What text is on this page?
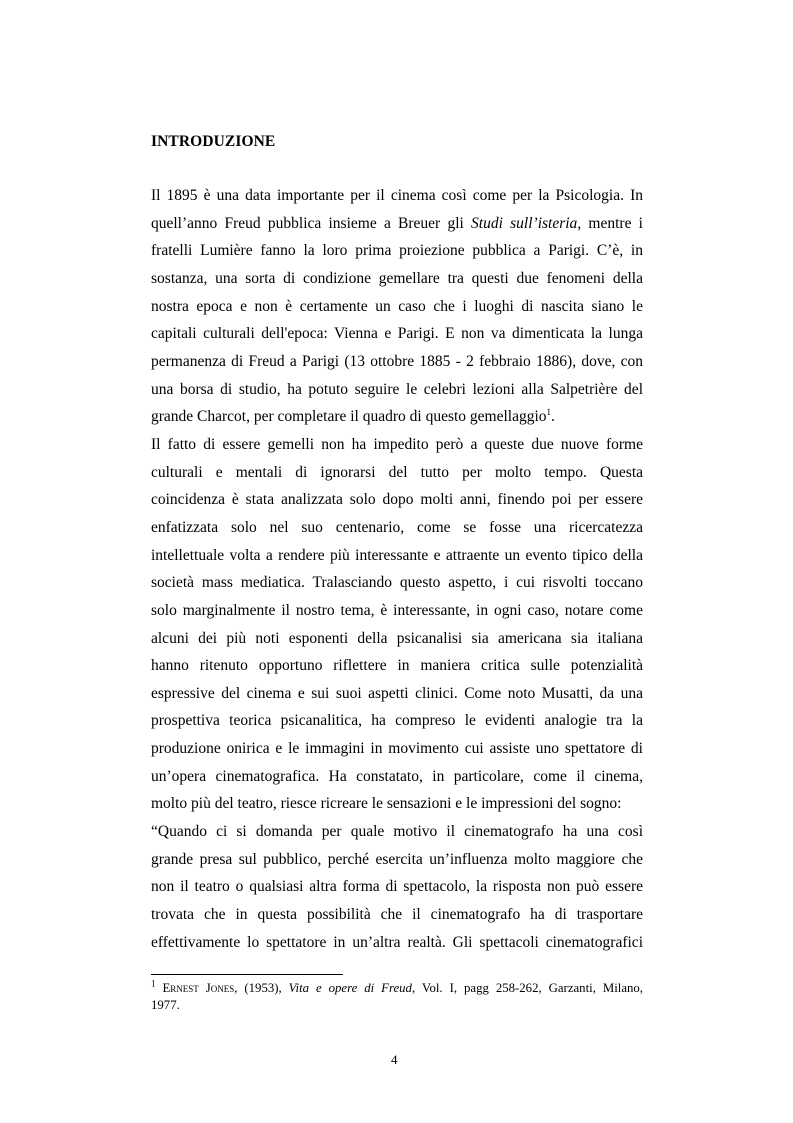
INTRODUZIONE
Il 1895 è una data importante per il cinema così come per la Psicologia. In
quell’anno Freud pubblica insieme a Breuer gli Studi sull’isteria, mentre i
fratelli Lumière fanno la loro prima proiezione pubblica a Parigi. C’è, in
sostanza, una sorta di condizione gemellare tra questi due fenomeni della
nostra epoca e non è certamente un caso che i luoghi di nascita siano le
capitali culturali dell'epoca: Vienna e Parigi. E non va dimenticata la lunga
permanenza di Freud a Parigi (13 ottobre 1885 - 2 febbraio 1886), dove, con
una borsa di studio, ha potuto seguire le celebri lezioni alla Salpetrière del
grande Charcot, per completare il quadro di questo gemellaggio$^1$.
Il fatto di essere gemelli non ha impedito però a queste due nuove forme
culturali e mentali di ignorarsi del tutto per molto tempo. Questa
coincidenza è stata analizzata solo dopo molti anni, finendo poi per essere
enfatizzata solo nel suo centenario, come se fosse una ricercatezza
intellettuale volta a rendere più interessante e attraente un evento tipico della
società mass mediatica. Tralasciando questo aspetto, i cui risvolti toccano
solo marginalmente il nostro tema, è interessante, in ogni caso, notare come
alcuni dei più noti esponenti della psicanalisi sia americana sia italiana
hanno ritenuto opportuno riflettere in maniera critica sulle potenzialità
espressive del cinema e sui suoi aspetti clinici. Come noto Musatti, da una
prospettiva teorica psicanalitica, ha compreso le evidenti analogie tra la
produzione onirica e le immagini in movimento cui assiste uno spettatore di
un’opera cinematografica. Ha constatato, in particolare, come il cinema,
molto più del teatro, riesce ricreare le sensazioni e le impressioni del sogno:
“Quando ci si domanda per quale motivo il cinematografo ha una così
grande presa sul pubblico, perché esercita un’influenza molto maggiore che
non il teatro o qualsiasi altra forma di spettacolo, la risposta non può essere
trovata che in questa possibilità che il cinematografo ha di trasportare
effettivamente lo spettatore in un’altra realtà. Gli spettacoli cinematografici
$^1$ Ernest Jones, (1953), Vita e opere di Freud, Vol. I, pagg 258-262, Garzanti, Milano,
1977.
4
